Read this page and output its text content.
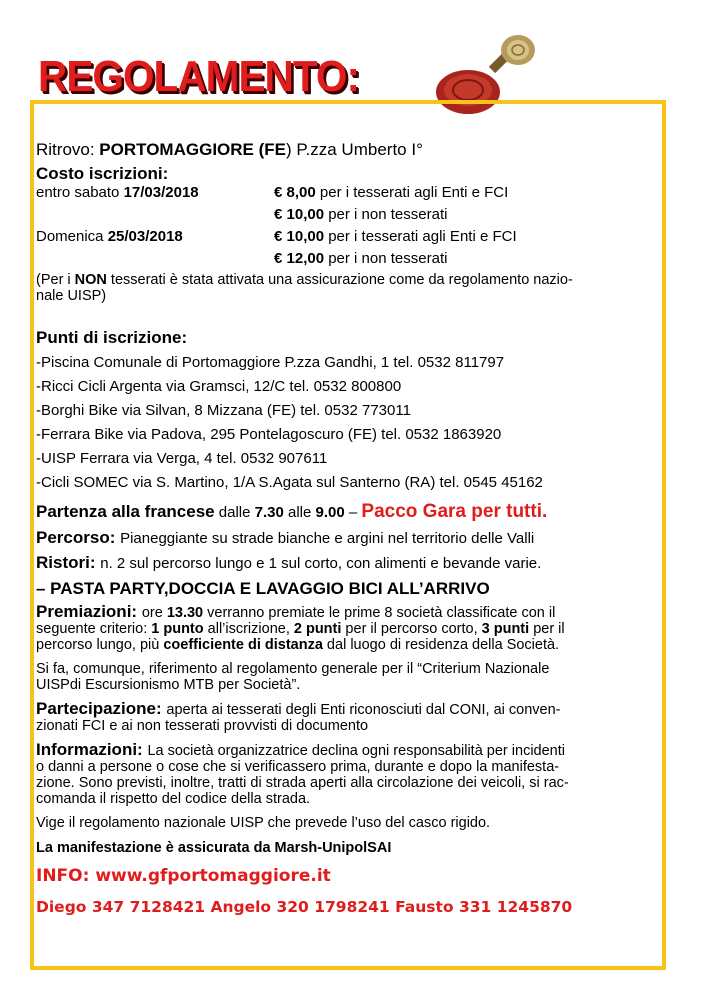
REGOLAMENTO:
Ritrovo: PORTOMAGGIORE (FE) P.zza Umberto I°
Costo iscrizioni:
entro sabato 17/03/2018	€ 8,00 per i tesserati agli Enti e FCI
€ 10,00 per i non tesserati
Domenica 25/03/2018	€ 10,00 per i tesserati agli Enti e FCI
€ 12,00 per i non tesserati
(Per i NON tesserati è stata attivata una assicurazione come da regolamento nazio-
nale UISP)
Punti di iscrizione:
-Piscina Comunale di Portomaggiore P.zza Gandhi, 1 tel. 0532 811797
-Ricci Cicli Argenta via Gramsci, 12/C tel. 0532 800800
-Borghi Bike via Silvan, 8 Mizzana (FE) tel. 0532 773011
-Ferrara Bike via Padova, 295 Pontelagoscuro (FE) tel. 0532 1863920
-UISP Ferrara via Verga, 4 tel. 0532 907611
-Cicli SOMEC via S. Martino, 1/A S.Agata sul Santerno (RA) tel. 0545 45162
Partenza alla francese dalle 7.30 alle 9.00 – Pacco Gara per tutti.
Percorso: Pianeggiante su strade bianche e argini nel territorio delle Valli
Ristori: n. 2 sul percorso lungo e 1 sul corto, con alimenti e bevande varie.
– PASTA PARTY,DOCCIA E LAVAGGIO BICI ALL’ARRIVO
Premiazioni: ore 13.30 verranno premiate le prime 8 società classificate con il
seguente criterio: 1 punto all’iscrizione, 2 punti per il percorso corto, 3 punti per il
percorso lungo, più coefficiente di distanza dal luogo di residenza della Società.
Si fa, comunque, riferimento al regolamento generale per il “Criterium Nazionale
UISPdi Escursionismo MTB per Società”.
Partecipazione: aperta ai tesserati degli Enti riconosciuti dal CONI, ai conven-
zionati FCI e ai non tesserati provvisti di documento
Informazioni: La società organizzatrice declina ogni responsabilità per incidenti
o danni a persone o cose che si verificassero prima, durante e dopo la manifesta-
zione. Sono previsti, inoltre, tratti di strada aperti alla circolazione dei veicoli, si rac-
comanda il rispetto del codice della strada.
Vige il regolamento nazionale UISP che prevede l’uso del casco rigido.
La manifestazione è assicurata da Marsh-UnipolSAI
INFO: www.gfportomaggiore.it
Diego 347 7128421 Angelo 320 1798241 Fausto 331 1245870
